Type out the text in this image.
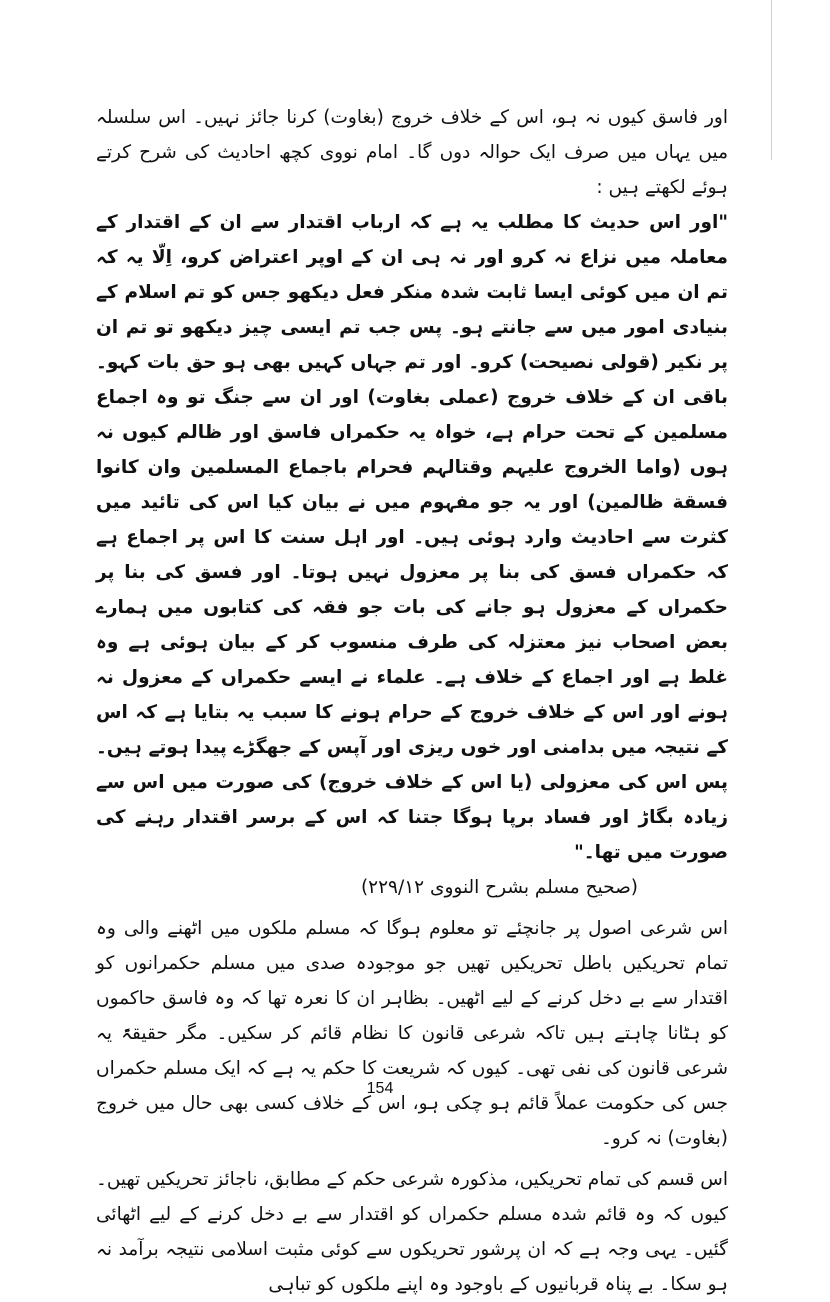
اور فاسق کیوں نہ ہو، اس کے خلاف خروج (بغاوت) کرنا جائز نہیں۔ اس سلسلہ میں یہاں میں صرف ایک حوالہ دوں گا۔ امام نووی کچھ احادیث کی شرح کرتے ہوئے لکھتے ہیں :

"اور اس حدیث کا مطلب یہ ہے کہ ارباب اقتدار سے ان کے اقتدار کے معاملہ میں نزاع نہ کرو اور نہ ہی ان کے اوپر اعتراض کرو، اِلّا یہ کہ تم ان میں کوئی ایسا ثابت شدہ منکر فعل دیکھو جس کو تم اسلام کے بنیادی امور میں سے جانتے ہو۔ پس جب تم ایسی چیز دیکھو تو تم ان پر نکیر (قولی نصیحت) کرو۔ اور تم جہاں کہیں بھی ہو حق بات کہو۔ باقی ان کے خلاف خروج (عملی بغاوت) اور ان سے جنگ تو وہ اجماع مسلمین کے تحت حرام ہے، خواہ یہ حکمراں فاسق اور ظالم کیوں نہ ہوں (واما الخروج علیہم وقتالہم فحرام باجماع المسلمین وان کانوا فسقة ظالمین) اور یہ جو مفہوم میں نے بیان کیا اس کی تائید میں کثرت سے احادیث وارد ہوئی ہیں۔ اور اہل سنت کا اس پر اجماع ہے کہ حکمراں فسق کی بنا پر معزول نہیں ہوتا۔ اور فسق کی بنا پر حکمراں کے معزول ہو جانے کی بات جو فقہ کی کتابوں میں ہمارے بعض اصحاب نیز معتزلہ کی طرف منسوب کر کے بیان ہوئی ہے وہ غلط ہے اور اجماع کے خلاف ہے۔ علماء نے ایسے حکمراں کے معزول نہ ہونے اور اس کے خلاف خروج کے حرام ہونے کا سبب یہ بتایا ہے کہ اس کے نتیجہ میں بدامنی اور خوں ریزی اور آپس کے جھگڑے پیدا ہوتے ہیں۔ پس اس کی معزولی (یا اس کے خلاف خروج) کی صورت میں اس سے زیادہ بگاڑ اور فساد برپا ہوگا جتنا کہ اس کے برسر اقتدار رہنے کی صورت میں تھا۔"

(صحیح مسلم بشرح النووی ۲۲۹/۱۲)

اس شرعی اصول پر جانچئے تو معلوم ہوگا کہ مسلم ملکوں میں اٹھنے والی وہ تمام تحریکیں باطل تحریکیں تھیں جو موجودہ صدی میں مسلم حکمرانوں کو اقتدار سے بے دخل کرنے کے لیے اٹھیں۔ بظاہر ان کا نعرہ تھا کہ وہ فاسق حاکموں کو ہٹانا چاہتے ہیں تاکہ شرعی قانون کا نظام قائم کر سکیں۔ مگر حقیقۃً یہ شرعی قانون کی نفی تھی۔ کیوں کہ شریعت کا حکم یہ ہے کہ ایک مسلم حکمراں جس کی حکومت عملاً قائم ہو چکی ہو، اس کے خلاف کسی بھی حال میں خروج (بغاوت) نہ کرو۔

اس قسم کی تمام تحریکیں، مذکورہ شرعی حکم کے مطابق، ناجائز تحریکیں تھیں۔ کیوں کہ وہ قائم شدہ مسلم حکمراں کو اقتدار سے بے دخل کرنے کے لیے اٹھائی گئیں۔ یہی وجہ ہے کہ ان پرشور تحریکوں سے کوئی مثبت اسلامی نتیجہ برآمد نہ ہو سکا۔ بے پناہ قربانیوں کے باوجود وہ اپنے ملکوں کو تباہی

154
